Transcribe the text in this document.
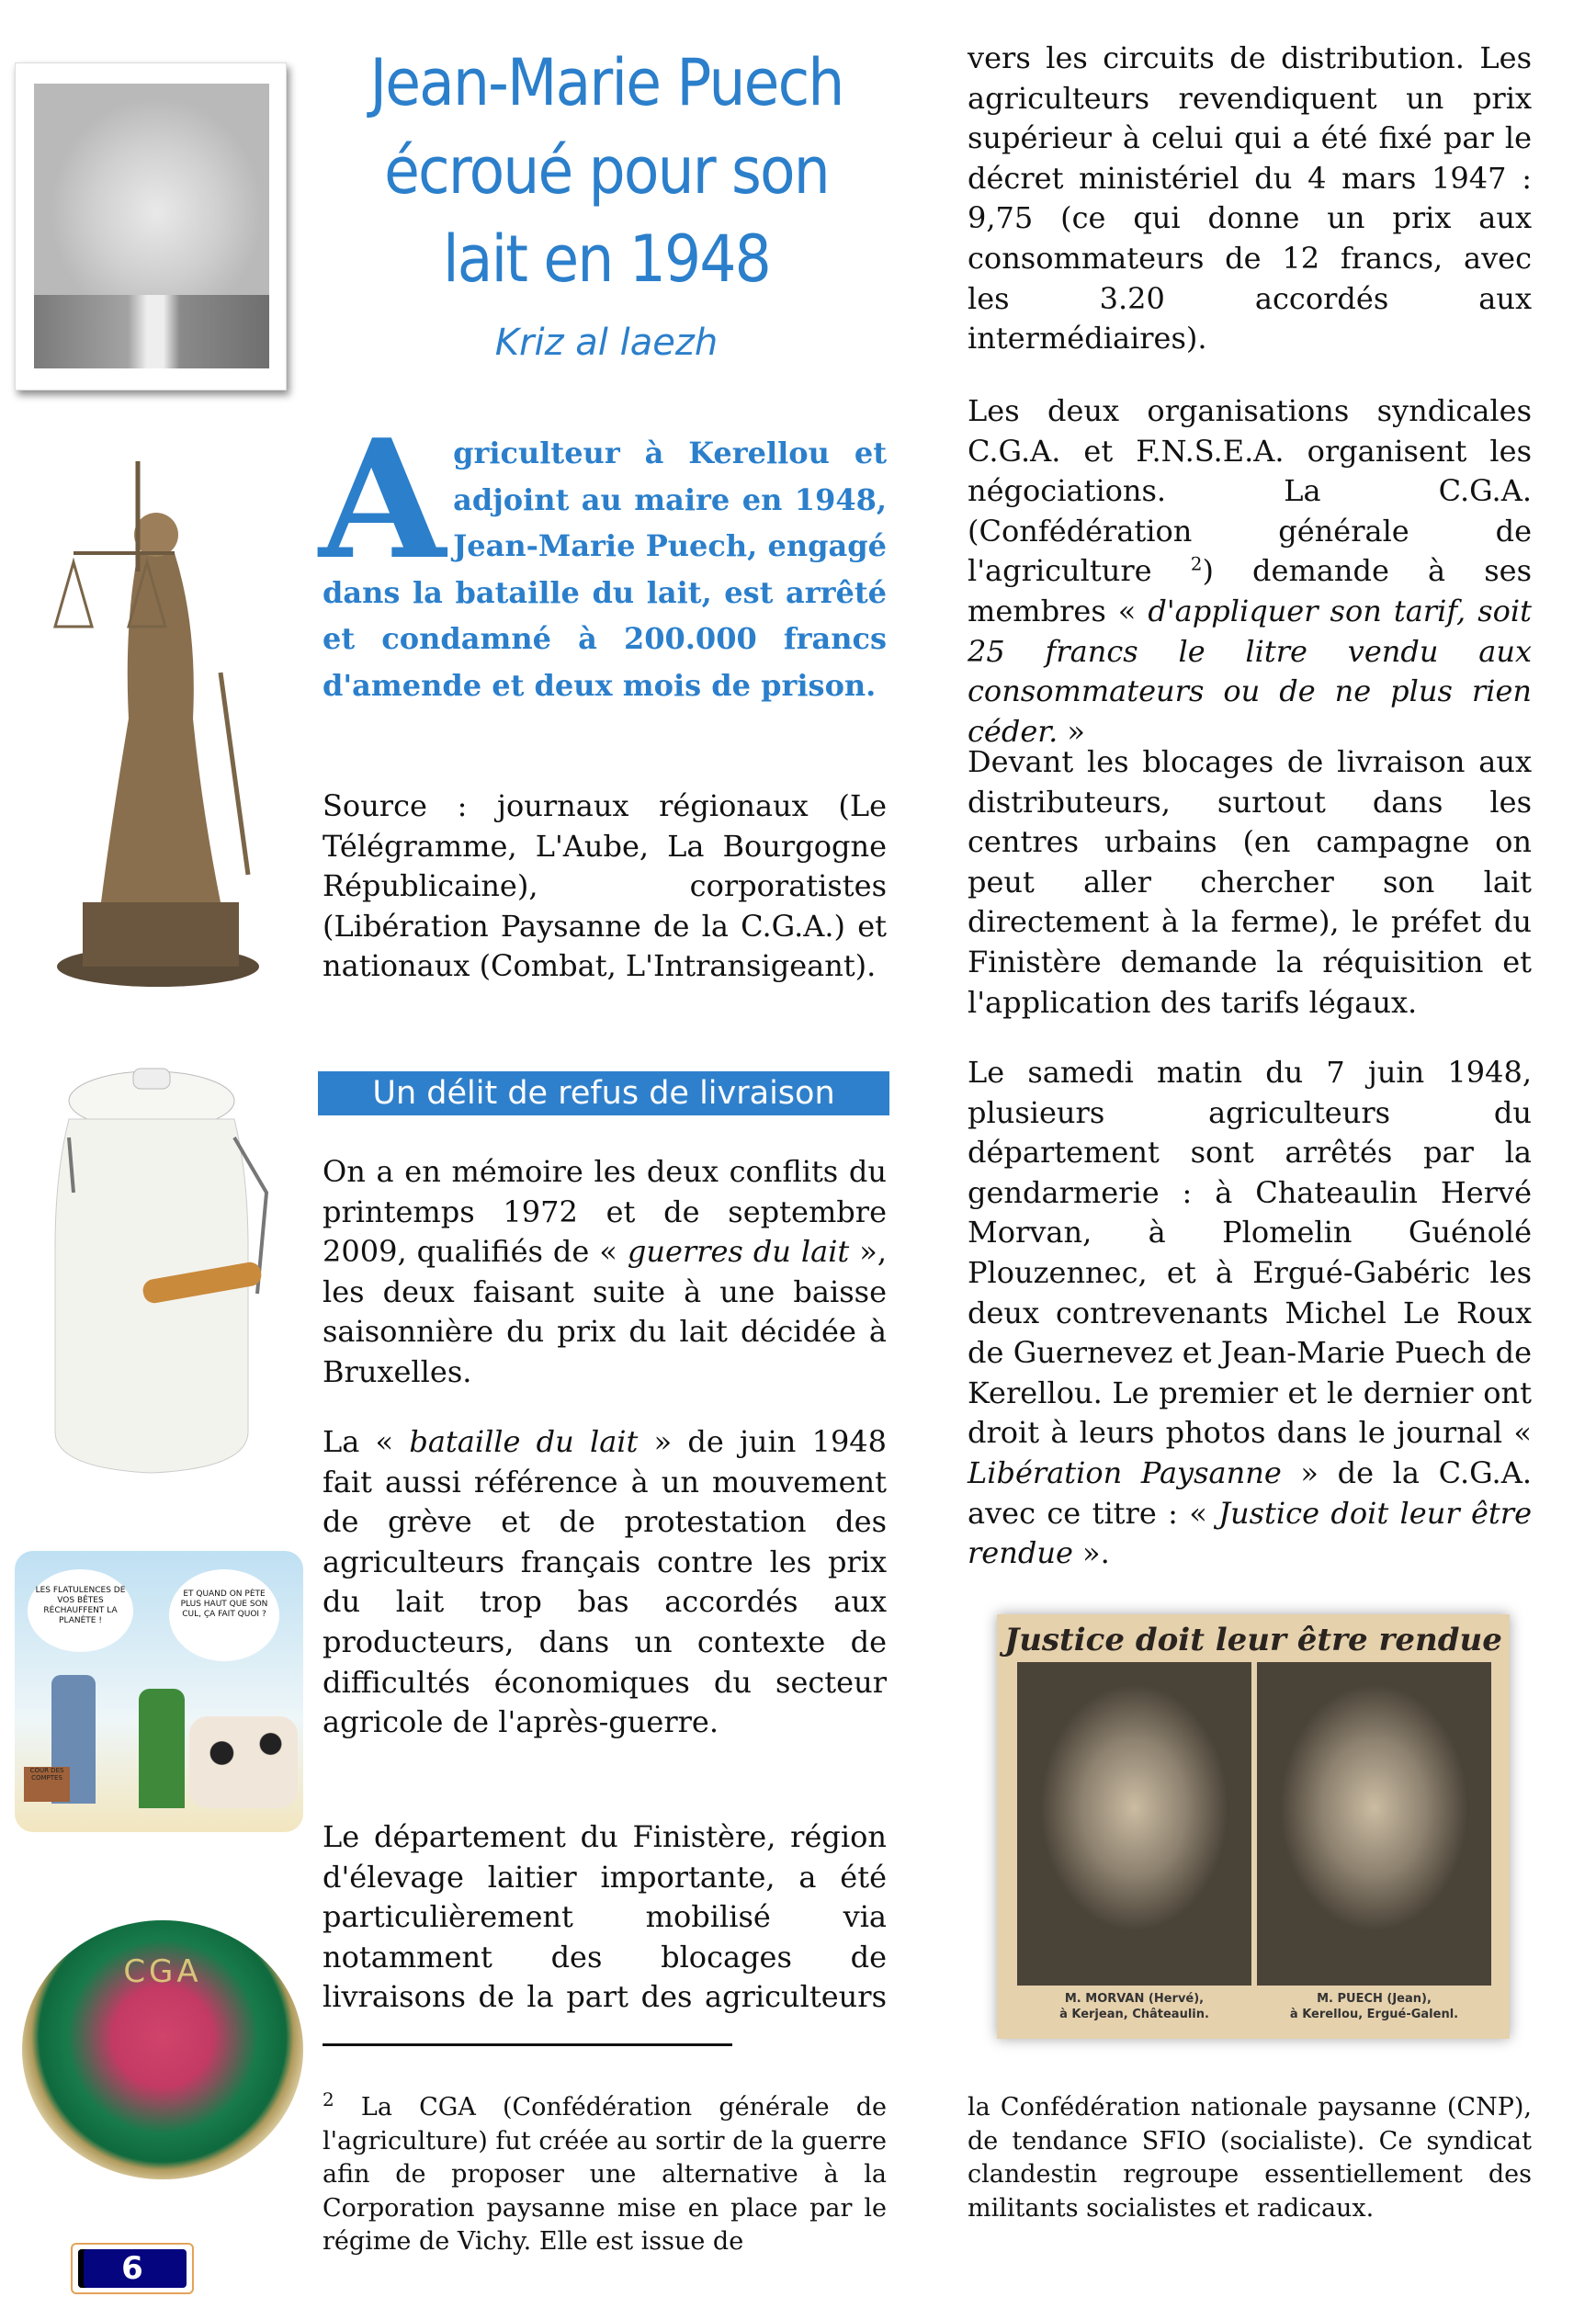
Jean-Marie Puech
écroué pour son
lait en 1948
Kriz al laezh
LES FLATULENCES DE VOS BÊTES RÉCHAUFFENT LA PLANÈTE !
ET QUAND ON PÈTE PLUS HAUT QUE SON CUL, ÇA FAIT QUOI ?
COUR DES COMPTES
CGA
6
Agriculteur à Kerellou et adjoint au maire en 1948, Jean-Marie Puech, engagé dans la bataille du lait, est arrêté et condamné à 200.000 francs d'amende et deux mois de prison.
Source : journaux régionaux (Le Télégramme, L'Aube, La Bourgogne Républicaine), corporatistes (Libération Paysanne de la C.G.A.) et nationaux (Combat, L'Intransigeant).
Un délit de refus de livraison
On a en mémoire les deux conflits du printemps 1972 et de septembre 2009, qualifiés de « guerres du lait », les deux faisant suite à une baisse saisonnière du prix du lait décidée à Bruxelles.
La « bataille du lait » de juin 1948 fait aussi référence à un mouvement de grève et de protestation des agriculteurs français contre les prix du lait trop bas accordés aux producteurs, dans un contexte de difficultés économiques du secteur agricole de l'après-guerre.
Le département du Finistère, région d'élevage laitier importante, a été particulièrement mobilisé via notamment des blocages de livraisons de la part des agriculteurs
$^2$ La CGA (Confédération générale de l'agriculture) fut créée au sortir de la guerre afin de proposer une alternative à la Corporation paysanne mise en place par le régime de Vichy. Elle est issue de
vers les circuits de distribution. Les agriculteurs revendiquent un prix supérieur à celui qui a été fixé par le décret ministériel du 4 mars 1947 : 9,75 (ce qui donne un prix aux consommateurs de 12 francs, avec les 3.20 accordés aux intermédiaires).
Les deux organisations syndicales C.G.A. et F.N.S.E.A. organisent les négociations. La C.G.A. (Confédération générale de l'agriculture $^2$) demande à ses membres « d'appliquer son tarif, soit 25 francs le litre vendu aux consommateurs ou de ne plus rien céder. »
Devant les blocages de livraison aux distributeurs, surtout dans les centres urbains (en campagne on peut aller chercher son lait directement à la ferme), le préfet du Finistère demande la réquisition et l'application des tarifs légaux.
Le samedi matin du 7 juin 1948, plusieurs agriculteurs du département sont arrêtés par la gendarmerie : à Chateaulin Hervé Morvan, à Plomelin Guénolé Plouzennec, et à Ergué-Gabéric les deux contrevenants Michel Le Roux de Guernevez et Jean-Marie Puech de Kerellou. Le premier et le dernier ont droit à leurs photos dans le journal « Libération Paysanne » de la C.G.A. avec ce titre : « Justice doit leur être rendue ».
Justice doit leur être rendue
M. MORVAN (Hervé),
à Kerjean, Châteaulin.
M. PUECH (Jean),
à Kerellou, Ergué-Galenl.
la Confédération nationale paysanne (CNP), de tendance SFIO (socialiste). Ce syndicat clandestin regroupe essentiellement des militants socialistes et radicaux.
